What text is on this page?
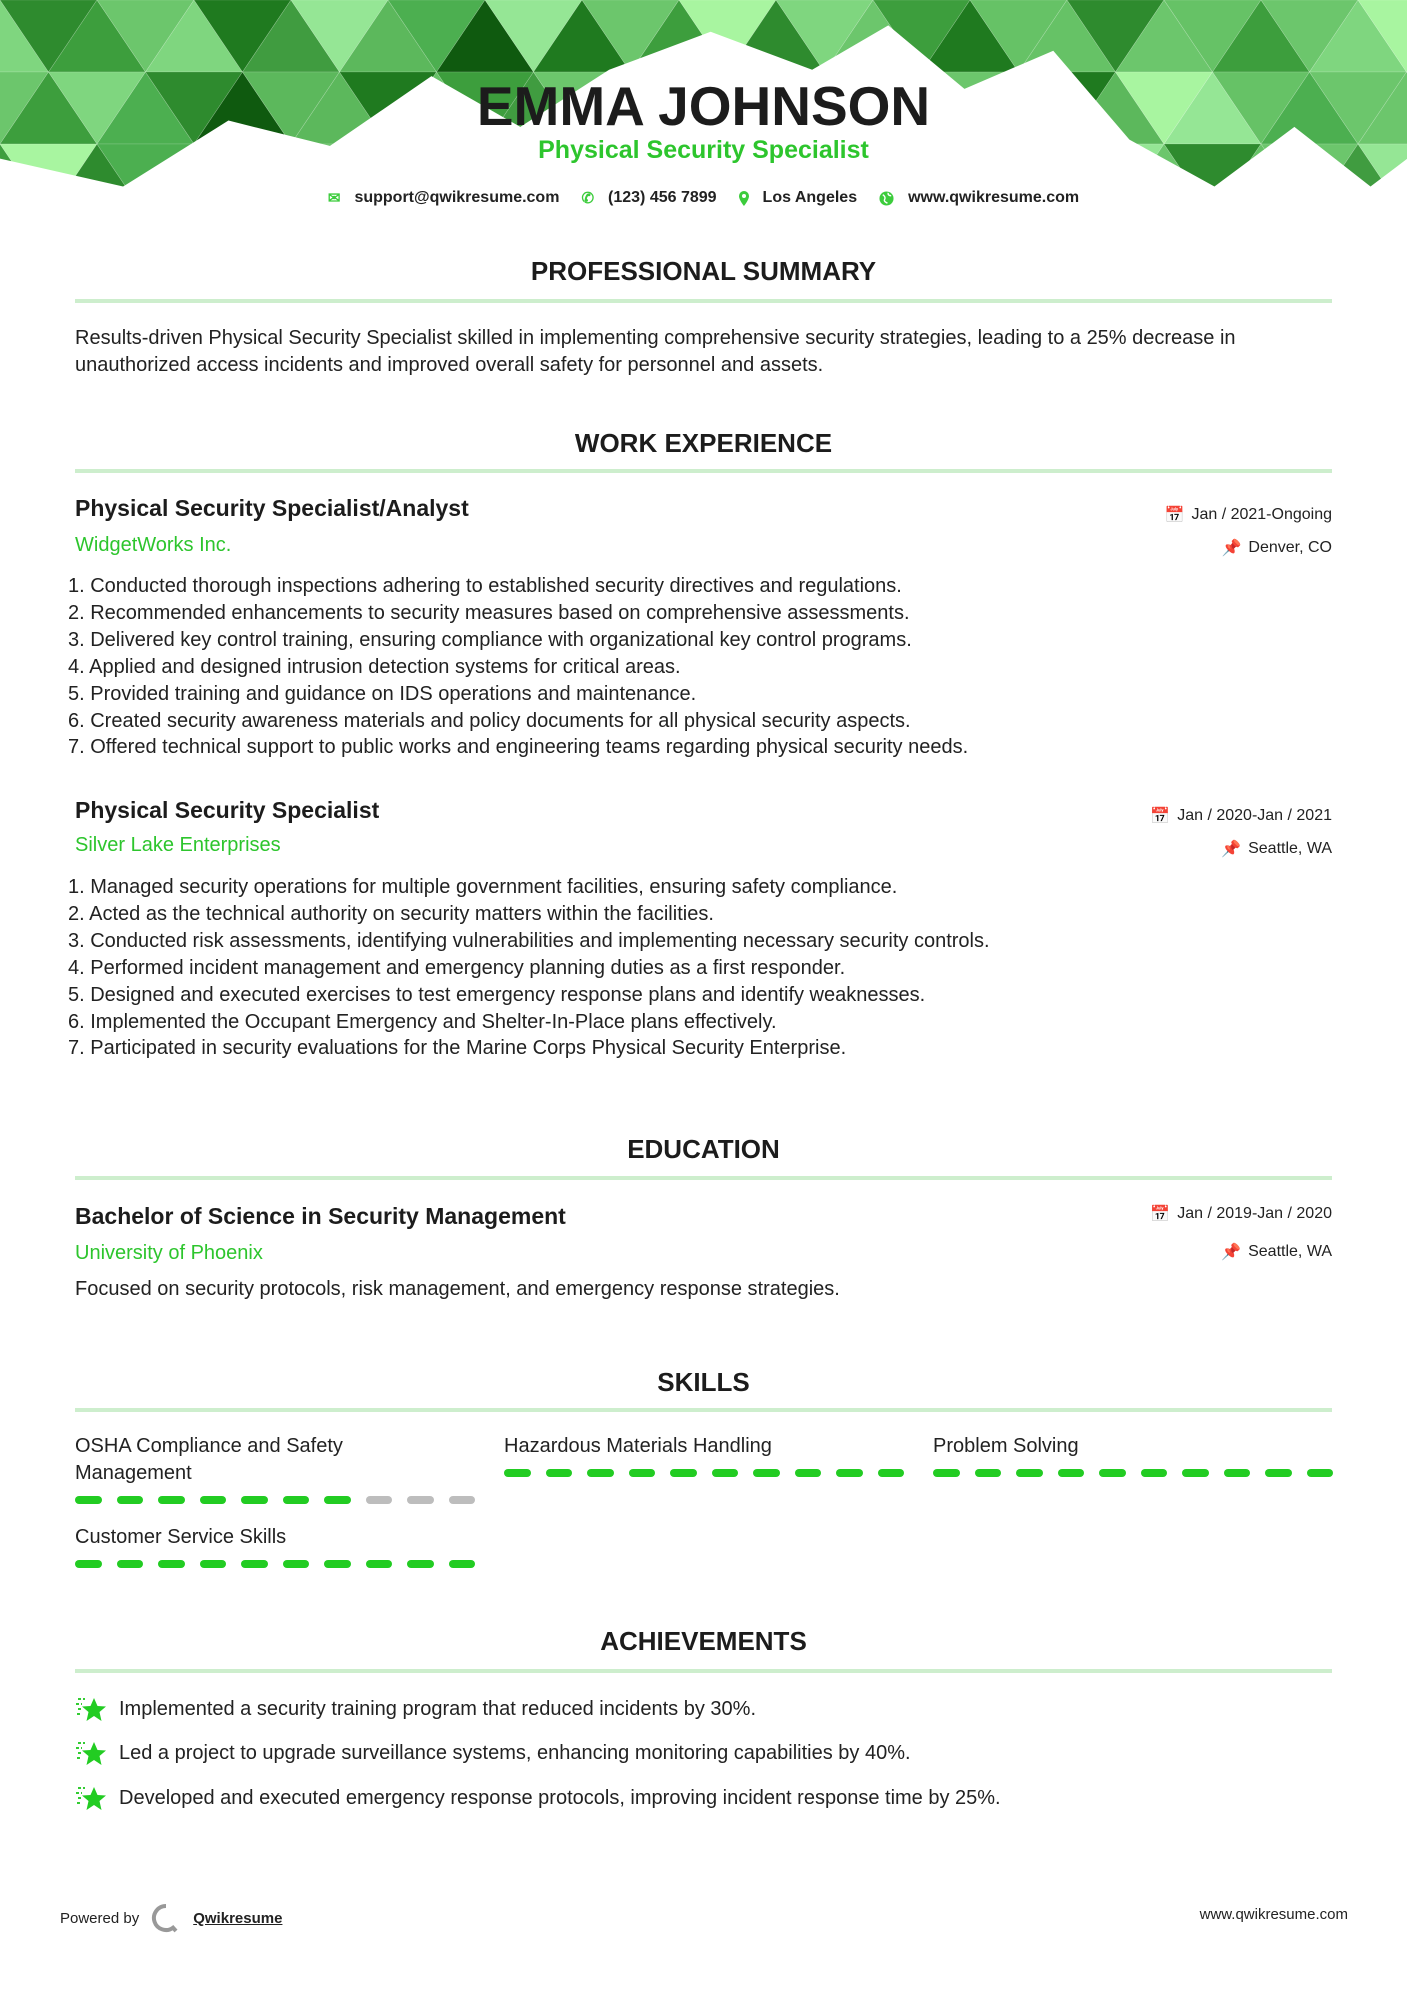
EMMA JOHNSON
Physical Security Specialist
✉ support@qwikresume.com ✆ (123) 456 7899	Los Angeles	www.qwikresume.com
PROFESSIONAL SUMMARY
Results-driven Physical Security Specialist skilled in implementing comprehensive security strategies, leading to a 25% decrease in unauthorized access incidents and improved overall safety for personnel and assets.
WORK EXPERIENCE
Physical Security Specialist/Analyst	📅 Jan / 2021-Ongoing
WidgetWorks Inc.	📌 Denver, CO
1. Conducted thorough inspections adhering to established security directives and regulations.
2. Recommended enhancements to security measures based on comprehensive assessments.
3. Delivered key control training, ensuring compliance with organizational key control programs.
4. Applied and designed intrusion detection systems for critical areas.
5. Provided training and guidance on IDS operations and maintenance.
6. Created security awareness materials and policy documents for all physical security aspects.
7. Offered technical support to public works and engineering teams regarding physical security needs.
Physical Security Specialist	📅 Jan / 2020-Jan / 2021
Silver Lake Enterprises	📌 Seattle, WA
1. Managed security operations for multiple government facilities, ensuring safety compliance.
2. Acted as the technical authority on security matters within the facilities.
3. Conducted risk assessments, identifying vulnerabilities and implementing necessary security controls.
4. Performed incident management and emergency planning duties as a first responder.
5. Designed and executed exercises to test emergency response plans and identify weaknesses.
6. Implemented the Occupant Emergency and Shelter-In-Place plans effectively.
7. Participated in security evaluations for the Marine Corps Physical Security Enterprise.
EDUCATION
Bachelor of Science in Security Management	📅 Jan / 2019-Jan / 2020
University of Phoenix	📌 Seattle, WA
Focused on security protocols, risk management, and emergency response strategies.
SKILLS
OSHA Compliance and Safety Management
Hazardous Materials Handling	Problem Solving
Customer Service Skills
ACHIEVEMENTS
Implemented a security training program that reduced incidents by 30%.
Led a project to upgrade surveillance systems, enhancing monitoring capabilities by 40%.
Developed and executed emergency response protocols, improving incident response time by 25%.
Powered by	Qwikresume	www.qwikresume.com
